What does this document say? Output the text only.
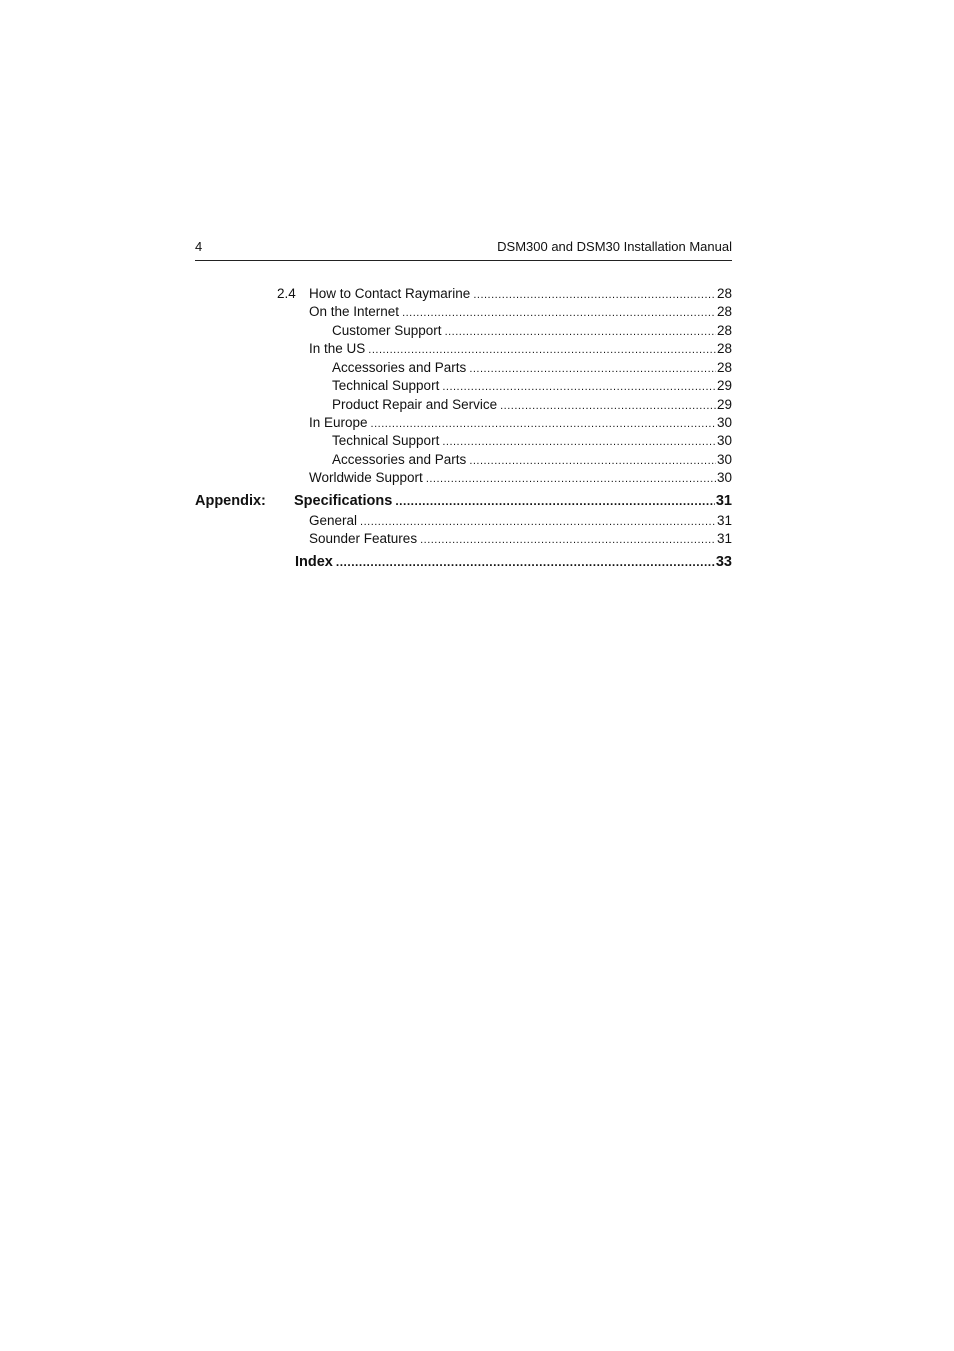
4	DSM300 and DSM30 Installation Manual
2.4 How to Contact Raymarine .....	28
On the Internet .....	28
Customer Support .....	28
In the US .....	28
Accessories and Parts .....	28
Technical Support .....	29
Product Repair and Service .....	29
In Europe .....	30
Technical Support .....	30
Accessories and Parts .....	30
Worldwide Support .....	30
Appendix: Specifications .....	31
General .....	31
Sounder Features .....	31
Index .....	33
